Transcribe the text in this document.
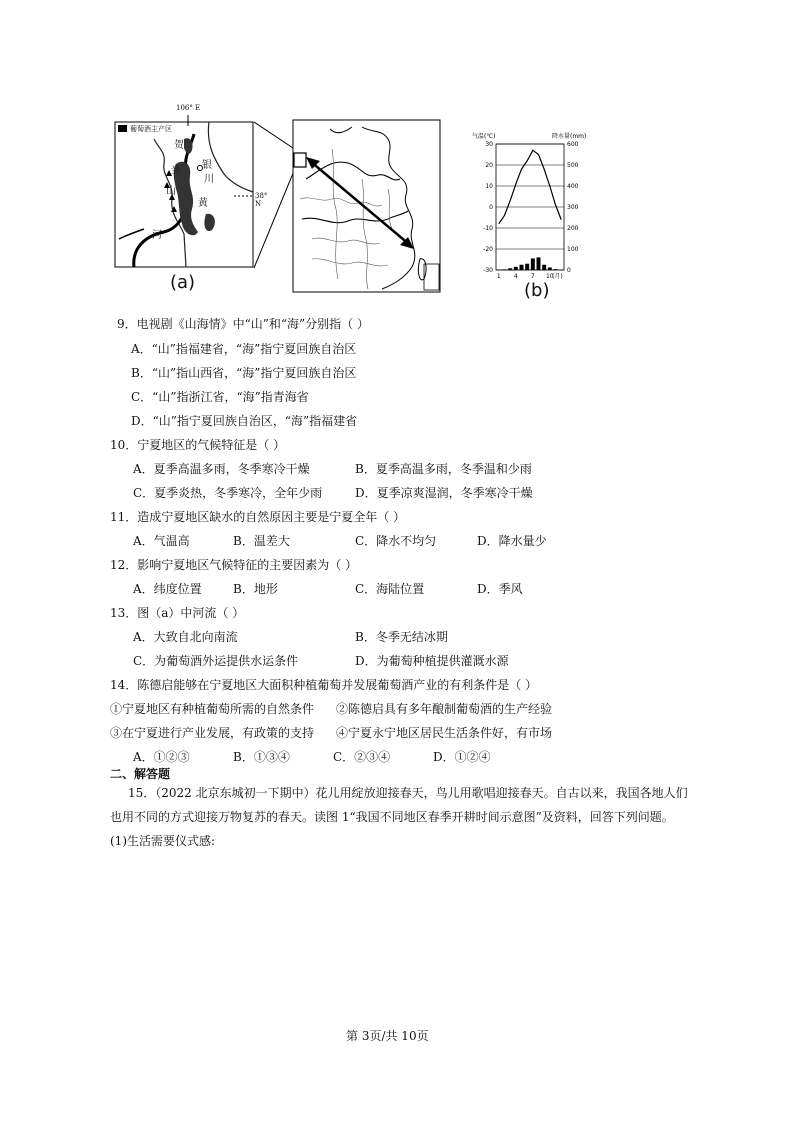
葡萄酒主产区
106° E
38° N
贺
兰
山
银
川
黄
河
(a)
气温(℃)	降水量(mm)
30
20
10
0
-10
-20
-30
600
500
400
300
200
100
0
1 4 7 10
(月)
(b)
9．电视剧《山海情》中“山”和“海”分别指（ ）
A．“山”指福建省，“海”指宁夏回族自治区
B．“山”指山西省，“海”指宁夏回族自治区
C．“山”指浙江省，“海”指青海省
D．“山”指宁夏回族自治区，“海”指福建省
10．宁夏地区的气候特征是（ ）
A．夏季高温多雨，冬季寒冷干燥	B．夏季高温多雨，冬季温和少雨
C．夏季炎热，冬季寒冷，全年少雨	D．夏季凉爽湿润，冬季寒冷干燥
11．造成宁夏地区缺水的自然原因主要是宁夏全年（ ）
A．气温高	B．温差大	C．降水不均匀	D．降水量少
12．影响宁夏地区气候特征的主要因素为（ ）
A．纬度位置	B．地形	C．海陆位置	D．季风
13．图（a）中河流（ ）
A．大致自北向南流	B．冬季无结冰期
C．为葡萄酒外运提供水运条件	D．为葡萄种植提供灌溉水源
14．陈德启能够在宁夏地区大面积种植葡萄并发展葡萄酒产业的有利条件是（ ）
①宁夏地区有种植葡萄所需的自然条件 ②陈德启具有多年酿制葡萄酒的生产经验
③在宁夏进行产业发展，有政策的支持 ④宁夏永宁地区居民生活条件好，有市场
A．①②③	B．①③④	C．②③④	D．①②④
二、解答题
15．（2022 北京东城初一下期中）花儿用绽放迎接春天，鸟儿用歌唱迎接春天。自古以来，我国各地人们
也用不同的方式迎接万物复苏的春天。读图 1“我国不同地区春季开耕时间示意图”及资料，回答下列问题。
(1)生活需要仪式感:
第 3页/共 10页
